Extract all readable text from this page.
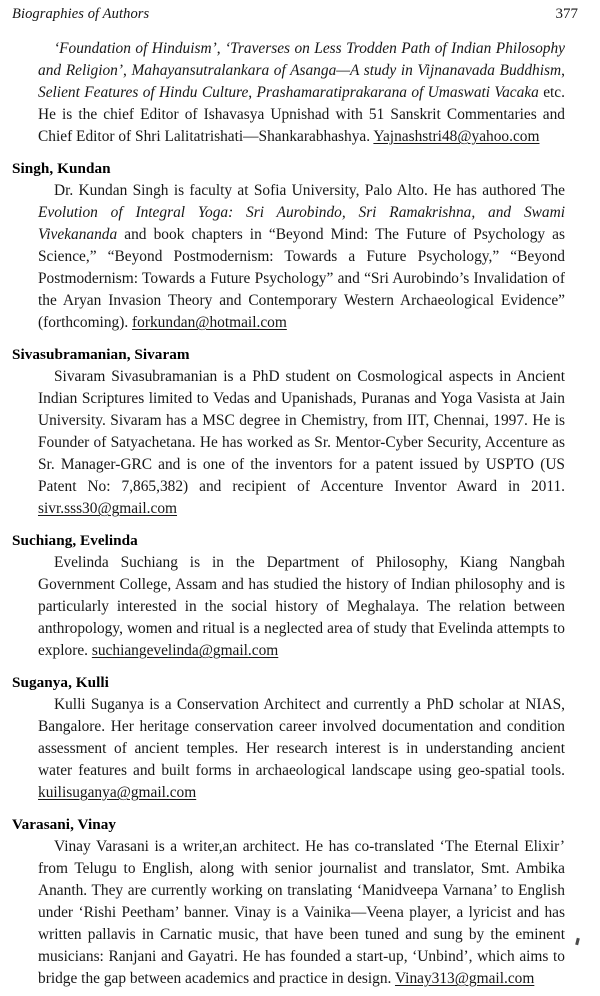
Biographies of Authors	377

‘Foundation of Hinduism’, ‘Traverses on Less Trodden Path of Indian Philosophy and Religion’, Mahayansutralankara of Asanga—A study in Vijnanavada Buddhism, Selient Features of Hindu Culture, Prashamaratiprakarana of Umaswati Vacaka etc. He is the chief Editor of Ishavasya Upnishad with 51 Sanskrit Commentaries and Chief Editor of Shri Lalitatrishati—Shankarabhashya. Yajnashstri48@yahoo.com

Singh, Kundan

Dr. Kundan Singh is faculty at Sofia University, Palo Alto. He has authored The Evolution of Integral Yoga: Sri Aurobindo, Sri Ramakrishna, and Swami Vivekananda and book chapters in “Beyond Mind: The Future of Psychology as Science,” “Beyond Postmodernism: Towards a Future Psychology,” “Beyond Postmodernism: Towards a Future Psychology” and “Sri Aurobindo’s Invalidation of the Aryan Invasion Theory and Contemporary Western Archaeological Evidence” (forthcoming). forkundan@hotmail.com

Sivasubramanian, Sivaram

Sivaram Sivasubramanian is a PhD student on Cosmological aspects in Ancient Indian Scriptures limited to Vedas and Upanishads, Puranas and Yoga Vasista at Jain University. Sivaram has a MSC degree in Chemistry, from IIT, Chennai, 1997. He is Founder of Satyachetana. He has worked as Sr. Mentor-Cyber Security, Accenture as Sr. Manager-GRC and is one of the inventors for a patent issued by USPTO (US Patent No: 7,865,382) and recipient of Accenture Inventor Award in 2011. sivr.sss30@gmail.com

Suchiang, Evelinda

Evelinda Suchiang is in the Department of Philosophy, Kiang Nangbah Government College, Assam and has studied the history of Indian philosophy and is particularly interested in the social history of Meghalaya. The relation between anthropology, women and ritual is a neglected area of study that Evelinda attempts to explore. suchiangevelinda@gmail.com

Suganya, Kulli

Kulli Suganya is a Conservation Architect and currently a PhD scholar at NIAS, Bangalore. Her heritage conservation career involved documentation and condition assessment of ancient temples. Her research interest is in understanding ancient water features and built forms in archaeological landscape using geo-spatial tools. kuilisuganya@gmail.com

Varasani, Vinay

Vinay Varasani is a writer,an architect. He has co-translated ‘The Eternal Elixir’ from Telugu to English, along with senior journalist and translator, Smt. Ambika Ananth. They are currently working on translating ‘Manidveepa Varnana’ to English under ‘Rishi Peetham’ banner. Vinay is a Vainika—Veena player, a lyricist and has written pallavis in Carnatic music, that have been tuned and sung by the eminent musicians: Ranjani and Gayatri. He has founded a start-up, ‘Unbind’, which aims to bridge the gap between academics and practice in design. Vinay313@gmail.com
